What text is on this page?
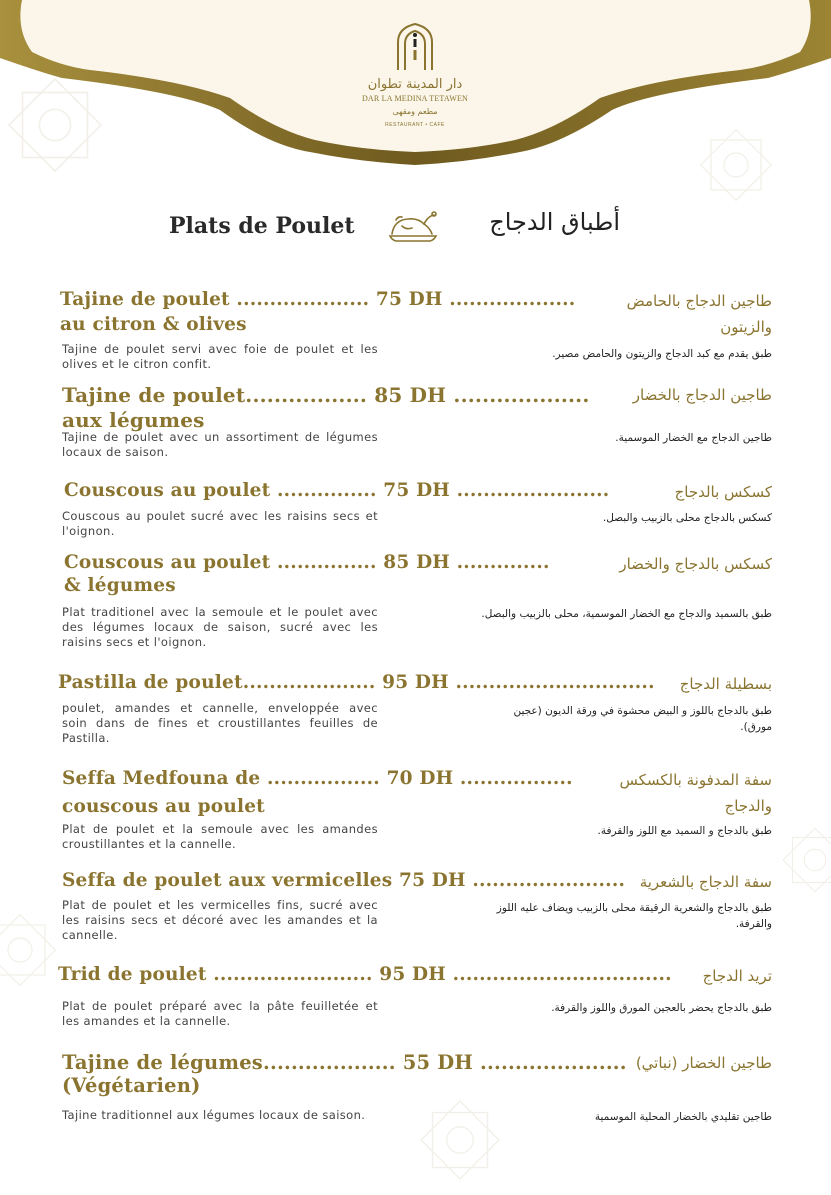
دار المدينة تطوان
DAR LA MEDINA TETAWEN
مطعم ومقهى
RESTAURANT • CAFE
Plats de Poulet	أطباق الدجاج
Tajine de poulet .................... 75 DH ...................
au citron & olives
طاجين الدجاج بالحامض
والزيتون
Tajine de poulet servi avec foie de poulet et les olives et le citron confit.
طبق يقدم مع كبد الدجاج والزيتون والحامض مصير.
Tajine de poulet................. 85 DH ...................
aux légumes
طاجين الدجاج بالخضار
Tajine de poulet avec un assortiment de légumes locaux de saison.
طاجين الدجاج مع الخضار الموسمية.
Couscous au poulet ............... 75 DH .......................	كسكس بالدجاج
Couscous au poulet sucré avec les raisins secs et l'oignon.
كسكس بالدجاج محلى بالزبيب والبصل.
Couscous au poulet ............... 85 DH ..............
& légumes
كسكس بالدجاج والخضار
Plat traditionel avec la semoule et le poulet avec des légumes locaux de saison, sucré avec les raisins secs et l'oignon.
طبق بالسميد والدجاج مع الخضار الموسمية، محلى بالزبيب والبصل.
Pastilla de poulet.................... 95 DH ..............................	بسطيلة الدجاج
poulet, amandes et cannelle, enveloppée avec soin dans de fines et croustillantes feuilles de Pastilla.
طبق بالدجاج باللوز و البيض محشوة في ورقة الديون (عجين مورق).
Seffa Medfouna de ................. 70 DH .................
couscous au poulet
سفة المدفونة بالكسكس
والدجاج
Plat de poulet et la semoule avec les amandes croustillantes et la cannelle.
طبق بالدجاج و السميد مع اللوز والقرفة.
Seffa de poulet aux vermicelles 75 DH ....................... سفة الدجاج بالشعرية
Plat de poulet et les vermicelles fins, sucré avec les raisins secs et décoré avec les amandes et la cannelle.
طبق بالدجاج والشعرية الرقيقة محلى بالزبيب ويضاف عليه اللوز والقرفة.
Trid de poulet ........................ 95 DH .................................	تريد الدجاج
Plat de poulet préparé avec la pâte feuilletée et les amandes et la cannelle.
طبق بالدجاج يحضر بالعجين المورق واللوز والقرفة.
Tajine de légumes................... 55 DH .....................
(Végétarien)
طاجين الخضار (نباتي)
Tajine traditionnel aux légumes locaux de saison.	طاجين تقليدي بالخضار المحلية الموسمية
